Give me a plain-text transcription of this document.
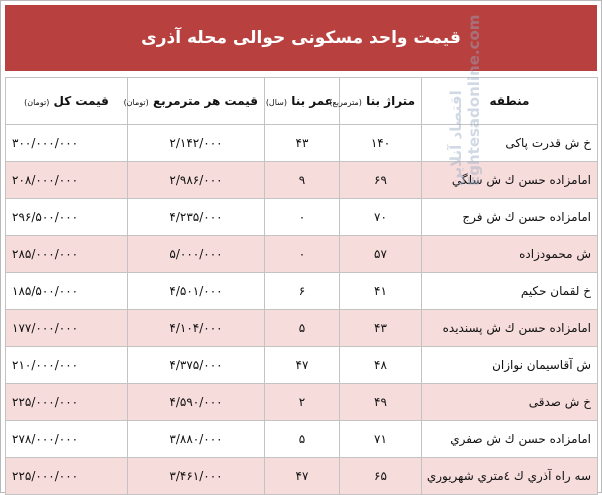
قیمت واحد مسکونی حوالی محله آذری
منطقه	متراژ بنا (مترمربع)	عمر بنا (سال)	قیمت هر مترمربع (تومان)	قیمت کل (تومان)
خ ش قدرت پاکی	۱۴۰	۴۳	۲/۱۴۲/۰۰۰	۳۰۰/۰۰۰/۰۰۰
امامزاده حسن ك ش سلگي	۶۹	۹	۲/۹۸۶/۰۰۰	۲۰۸/۰۰۰/۰۰۰
امامزاده حسن ك ش فرج	۷۰	۰	۴/۲۳۵/۰۰۰	۲۹۶/۵۰۰/۰۰۰
ش محمودزاده	۵۷	۰	۵/۰۰۰/۰۰۰	۲۸۵/۰۰۰/۰۰۰
خ لقمان حکیم	۴۱	۶	۴/۵۰۱/۰۰۰	۱۸۵/۵۰۰/۰۰۰
امامزاده حسن ك ش پسندیده	۴۳	۵	۴/۱۰۴/۰۰۰	۱۷۷/۰۰۰/۰۰۰
ش آقاسیمان نوازان	۴۸	۴۷	۴/۳۷۵/۰۰۰	۲۱۰/۰۰۰/۰۰۰
خ ش صدقی	۴۹	۲	۴/۵۹۰/۰۰۰	۲۲۵/۰۰۰/۰۰۰
امامزاده حسن ك ش صفري	۷۱	۵	۳/۸۸۰/۰۰۰	۲۷۸/۰۰۰/۰۰۰
سه راه آذري ك ٤متري شهريوري	۶۵	۴۷	۳/۴۶۱/۰۰۰	۲۲۵/۰۰۰/۰۰۰
اقتصاد آنلاین Eghtesadonline.com
